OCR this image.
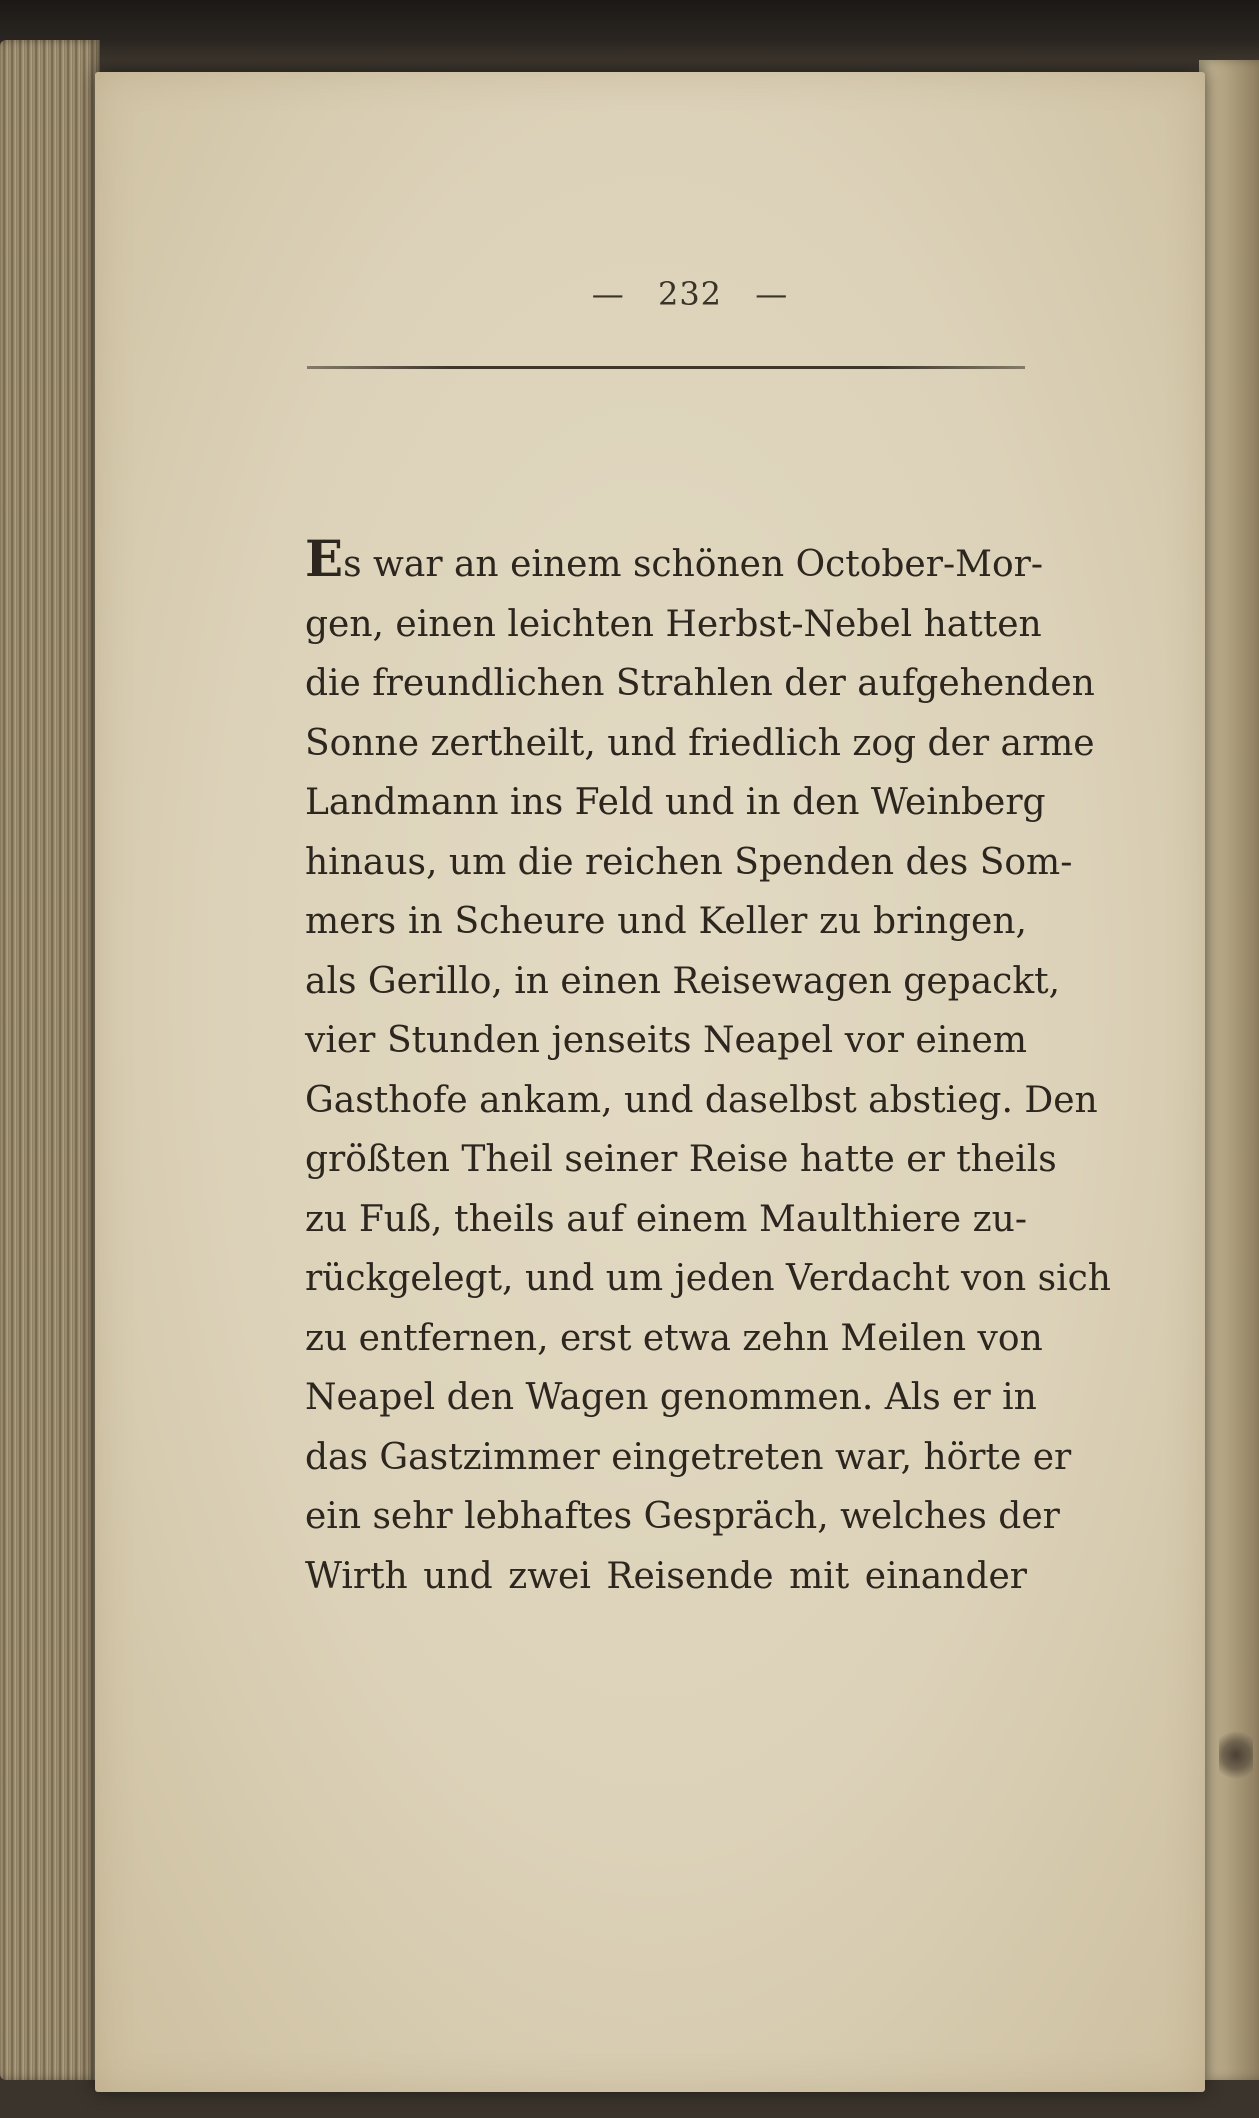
— 232 —
Es war an einem schönen October-Mor-
gen, einen leichten Herbst-Nebel hatten
die freundlichen Strahlen der aufgehenden
Sonne zertheilt, und friedlich zog der arme
Landmann ins Feld und in den Weinberg
hinaus, um die reichen Spenden des Som-
mers in Scheure und Keller zu bringen,
als Gerillo, in einen Reisewagen gepackt,
vier Stunden jenseits Neapel vor einem
Gasthofe ankam, und daselbst abstieg. Den
größten Theil seiner Reise hatte er theils
zu Fuß, theils auf einem Maulthiere zu-
rückgelegt, und um jeden Verdacht von sich
zu entfernen, erst etwa zehn Meilen von
Neapel den Wagen genommen. Als er in
das Gastzimmer eingetreten war, hörte er
ein sehr lebhaftes Gespräch, welches der
Wirth und zwei Reisende mit einander
